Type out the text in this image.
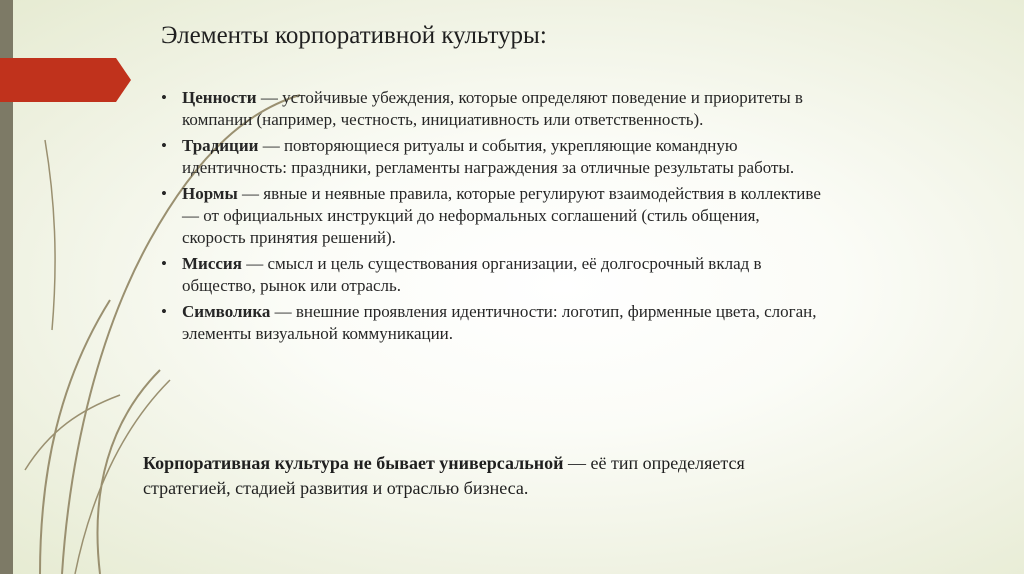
Элементы корпоративной культуры:
• Ценности — устойчивые убеждения, которые определяют поведение и приоритеты в компании (например, честность, инициативность или ответственность).
• Традиции — повторяющиеся ритуалы и события, укрепляющие командную идентичность: праздники, регламенты награждения за отличные результаты работы.
• Нормы — явные и неявные правила, которые регулируют взаимодействия в коллективе — от официальных инструкций до неформальных соглашений (стиль общения, скорость принятия решений).
• Миссия — смысл и цель существования организации, её долгосрочный вклад в общество, рынок или отрасль.
• Символика — внешние проявления идентичности: логотип, фирменные цвета, слоган, элементы визуальной коммуникации.
Корпоративная культура не бывает универсальной — её тип определяется стратегией, стадией развития и отраслью бизнеса.
